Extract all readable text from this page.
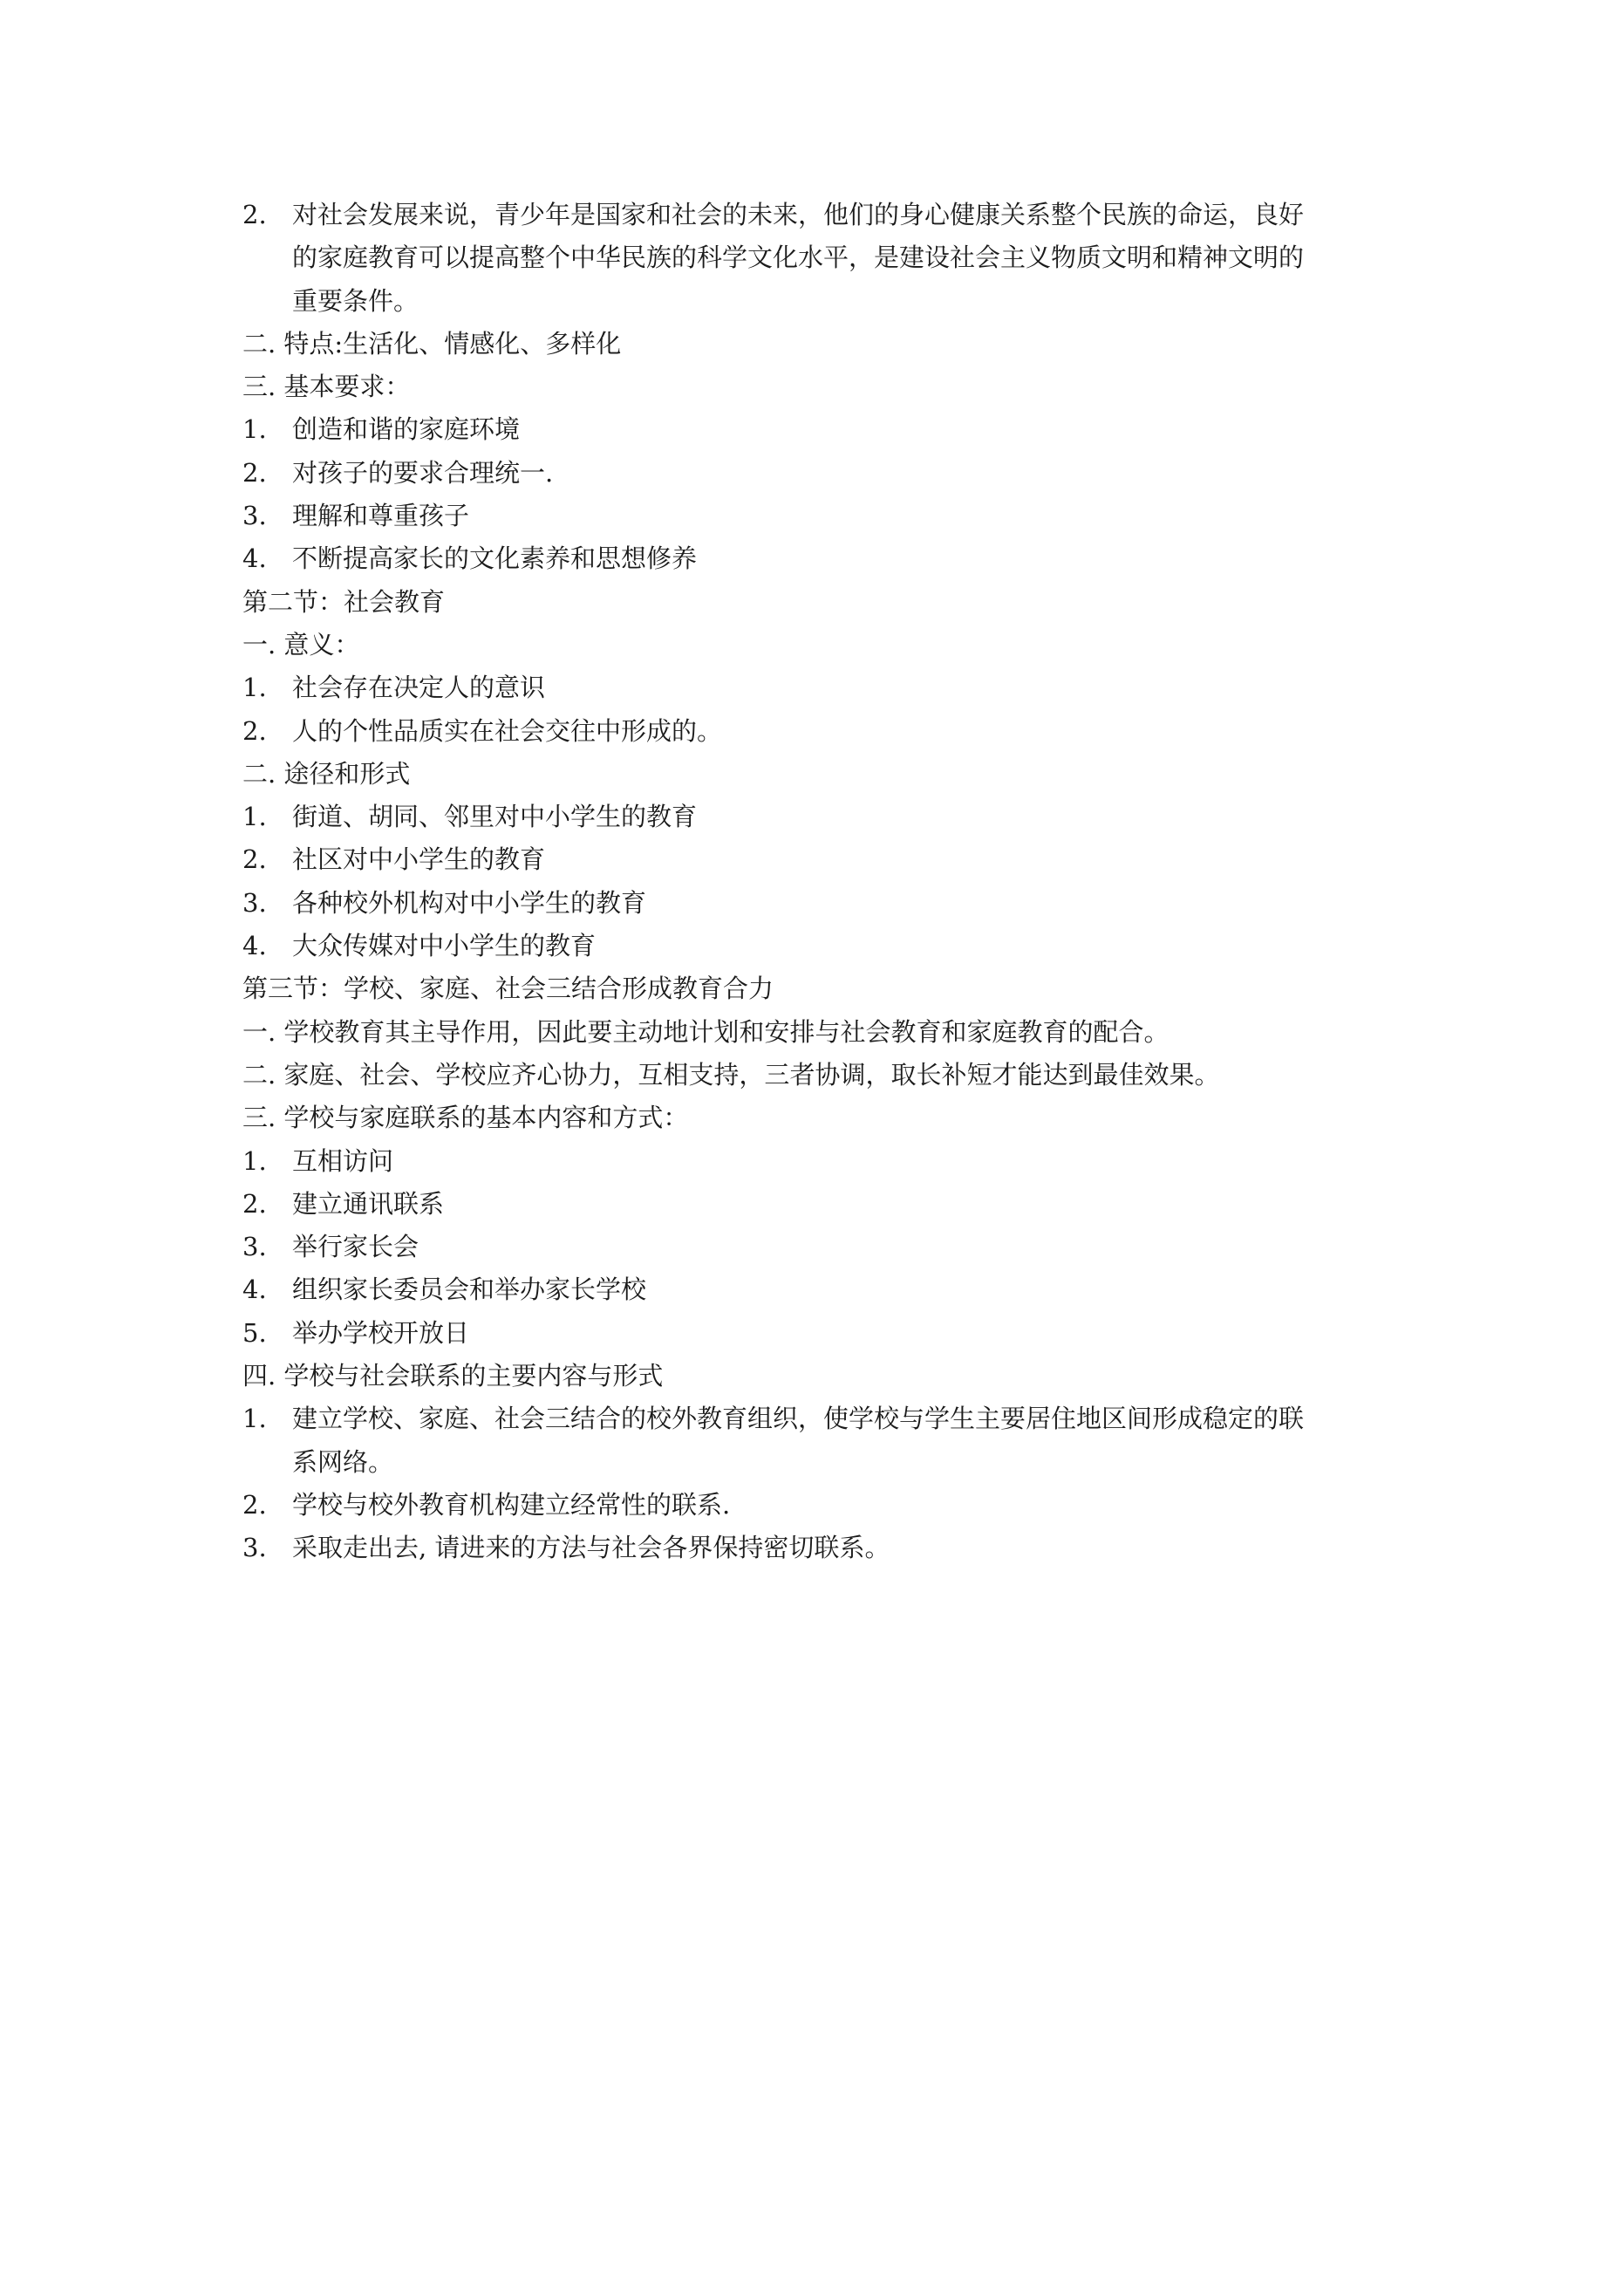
2.	对社会发展来说，青少年是国家和社会的未来，他们的身心健康关系整个民族的命运，良好
的家庭教育可以提高整个中华民族的科学文化水平，是建设社会主义物质文明和精神文明的
重要条件。
二. 特点:生活化、情感化、多样化
三. 基本要求：
1.	创造和谐的家庭环境
2.	对孩子的要求合理统一.
3.	理解和尊重孩子
4.	不断提高家长的文化素养和思想修养
第二节：社会教育
一. 意义：
1.	社会存在决定人的意识
2.	人的个性品质实在社会交往中形成的。
二. 途径和形式
1.	街道、胡同、邻里对中小学生的教育
2.	社区对中小学生的教育
3.	各种校外机构对中小学生的教育
4.	大众传媒对中小学生的教育
第三节：学校、家庭、社会三结合形成教育合力
一. 学校教育其主导作用，因此要主动地计划和安排与社会教育和家庭教育的配合。
二. 家庭、社会、学校应齐心协力，互相支持，三者协调，取长补短才能达到最佳效果。
三. 学校与家庭联系的基本内容和方式：
1.	互相访问
2.	建立通讯联系
3.	举行家长会
4.	组织家长委员会和举办家长学校
5.	举办学校开放日
四. 学校与社会联系的主要内容与形式
1.	建立学校、家庭、社会三结合的校外教育组织，使学校与学生主要居住地区间形成稳定的联
系网络。
2.	学校与校外教育机构建立经常性的联系.
3.	采取走出去, 请进来的方法与社会各界保持密切联系。
